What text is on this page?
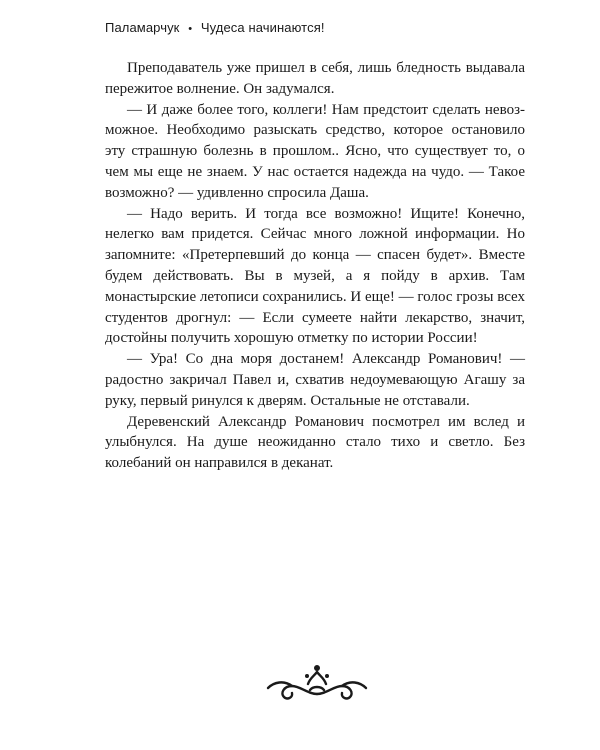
Паламарчук • Чудеса начинаются!

Преподаватель уже пришел в себя, лишь бледность выдавала пережитое волнение. Он задумался.

— И даже более того, коллеги! Нам предстоит сделать невозможное. Необходимо разыскать средство, которое остановило эту страшную болезнь в прошлом.. Ясно, что существует то, о чем мы еще не знаем. У нас остается надежда на чудо. — Такое возможно? — удивленно спросила Даша.

— Надо верить. И тогда все возможно! Ищите! Конечно, нелегко вам придется. Сейчас много ложной информации. Но запомните: «Претерпевший до конца — спасен будет». Вместе будем действовать. Вы в музей, а я пойду в архив. Там монастырские летописи сохранились. И еще! — голос грозы всех студентов дрогнул: — Если сумеете найти лекарство, значит, достойны получить хорошую отметку по истории России!

— Ура! Со дна моря достанем! Александр Романович! — радостно закричал Павел и, схватив недоумевающую Агашу за руку, первый ринулся к дверям. Остальные не отставали.

Деревенский Александр Романович посмотрел им вслед и улыбнулся. На душе неожиданно стало тихо и светло. Без колебаний он направился в деканат.
